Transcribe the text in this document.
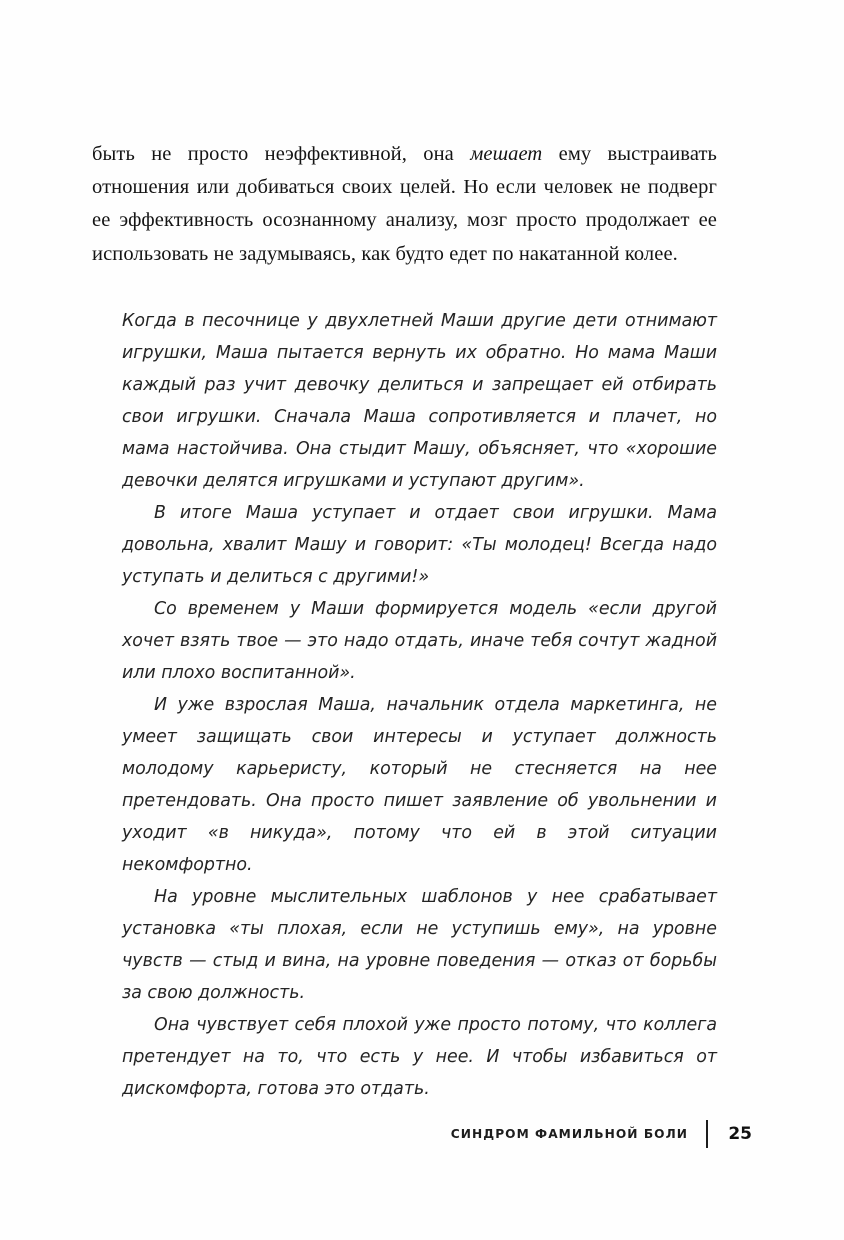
быть не просто неэффективной, она мешает ему выстраивать отношения или добиваться своих целей. Но если человек не подверг ее эффективность осознанному анализу, мозг просто продолжает ее использовать не задумываясь, как будто едет по накатанной колее.

Когда в песочнице у двухлетней Маши другие дети отнимают игрушки, Маша пытается вернуть их обратно. Но мама Маши каждый раз учит девочку делиться и запрещает ей отбирать свои игрушки. Сначала Маша сопротивляется и плачет, но мама настойчива. Она стыдит Машу, объясняет, что «хорошие девочки делятся игрушками и уступают другим».

В итоге Маша уступает и отдает свои игрушки. Мама довольна, хвалит Машу и говорит: «Ты молодец! Всегда надо уступать и делиться с другими!»

Со временем у Маши формируется модель «если другой хочет взять твое — это надо отдать, иначе тебя сочтут жадной или плохо воспитанной».

И уже взрослая Маша, начальник отдела маркетинга, не умеет защищать свои интересы и уступает должность молодому карьеристу, который не стесняется на нее претендовать. Она просто пишет заявление об увольнении и уходит «в никуда», потому что ей в этой ситуации некомфортно.

На уровне мыслительных шаблонов у нее срабатывает установка «ты плохая, если не уступишь ему», на уровне чувств — стыд и вина, на уровне поведения — отказ от борьбы за свою должность.

Она чувствует себя плохой уже просто потому, что коллега претендует на то, что есть у нее. И чтобы избавиться от дискомфорта, готова это отдать.

СИНДРОМ ФАМИЛЬНОЙ БОЛИ	25
